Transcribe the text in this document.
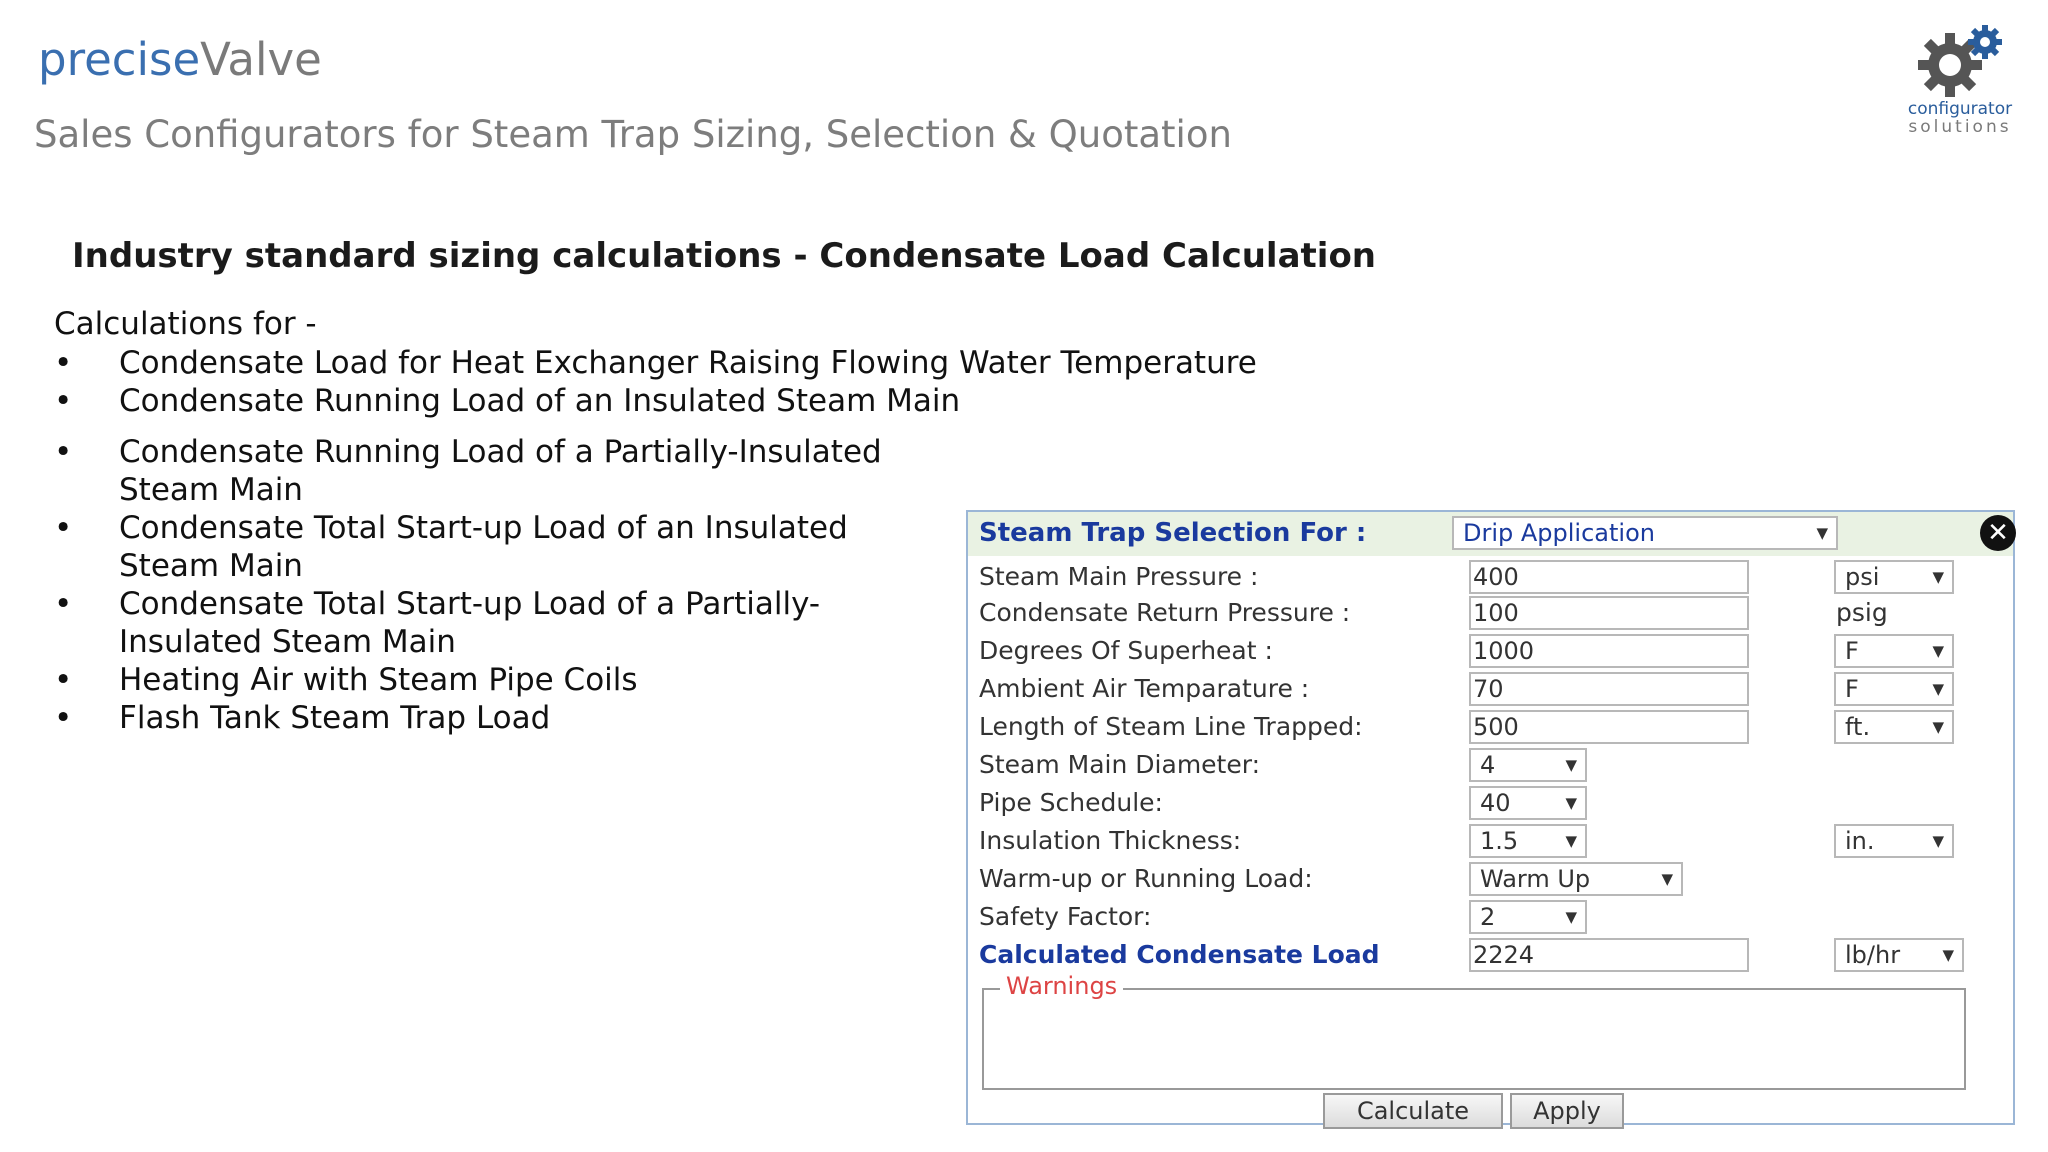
preciseValve
Sales Configurators for Steam Trap Sizing, Selection & Quotation
configurator
solutions
Industry standard sizing calculations - Condensate Load Calculation
Calculations for -
• Condensate Load for Heat Exchanger Raising Flowing Water Temperature
• Condensate Running Load of an Insulated Steam Main
• Condensate Running Load of a Partially-Insulated
Steam Main
• Condensate Total Start-up Load of an Insulated
Steam Main
• Condensate Total Start-up Load of a Partially-
Insulated Steam Main
• Heating Air with Steam Pipe Coils
• Flash Tank Steam Trap Load
Steam Trap Selection For :	Drip Application	▼	✕
Steam Main Pressure :	400	psi	▼
Condensate Return Pressure :	100	psig
Degrees Of Superheat :	1000	F	▼
Ambient Air Temparature :	70	F	▼
Length of Steam Line Trapped:	500	ft.	▼
Steam Main Diameter:	4	▼
Pipe Schedule:	40	▼
Insulation Thickness:	1.5	▼	in.	▼
Warm-up or Running Load:	Warm Up	▼
Safety Factor:	2	▼
Calculated Condensate Load	2224	lb/hr	▼
Warnings
Calculate	Apply
